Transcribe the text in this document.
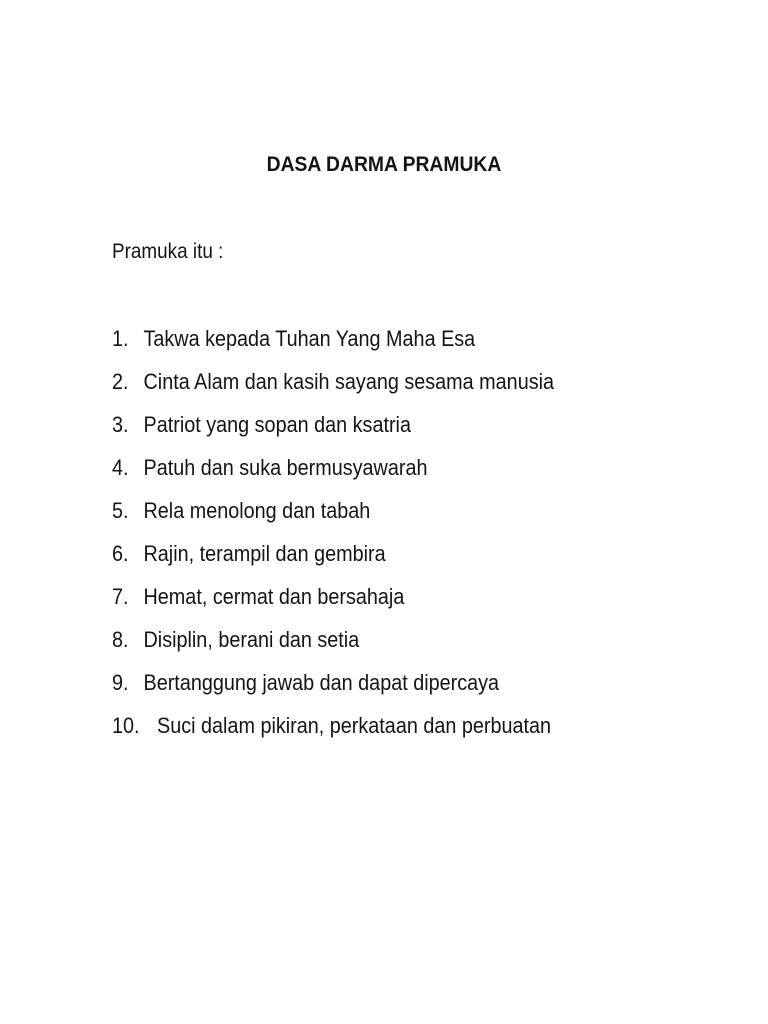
DASA DARMA PRAMUKA

Pramuka itu :

1. Takwa kepada Tuhan Yang Maha Esa
2. Cinta Alam dan kasih sayang sesama manusia
3. Patriot yang sopan dan ksatria
4. Patuh dan suka bermusyawarah
5. Rela menolong dan tabah
6. Rajin, terampil dan gembira
7. Hemat, cermat dan bersahaja
8. Disiplin, berani dan setia
9. Bertanggung jawab dan dapat dipercaya
10. Suci dalam pikiran, perkataan dan perbuatan
